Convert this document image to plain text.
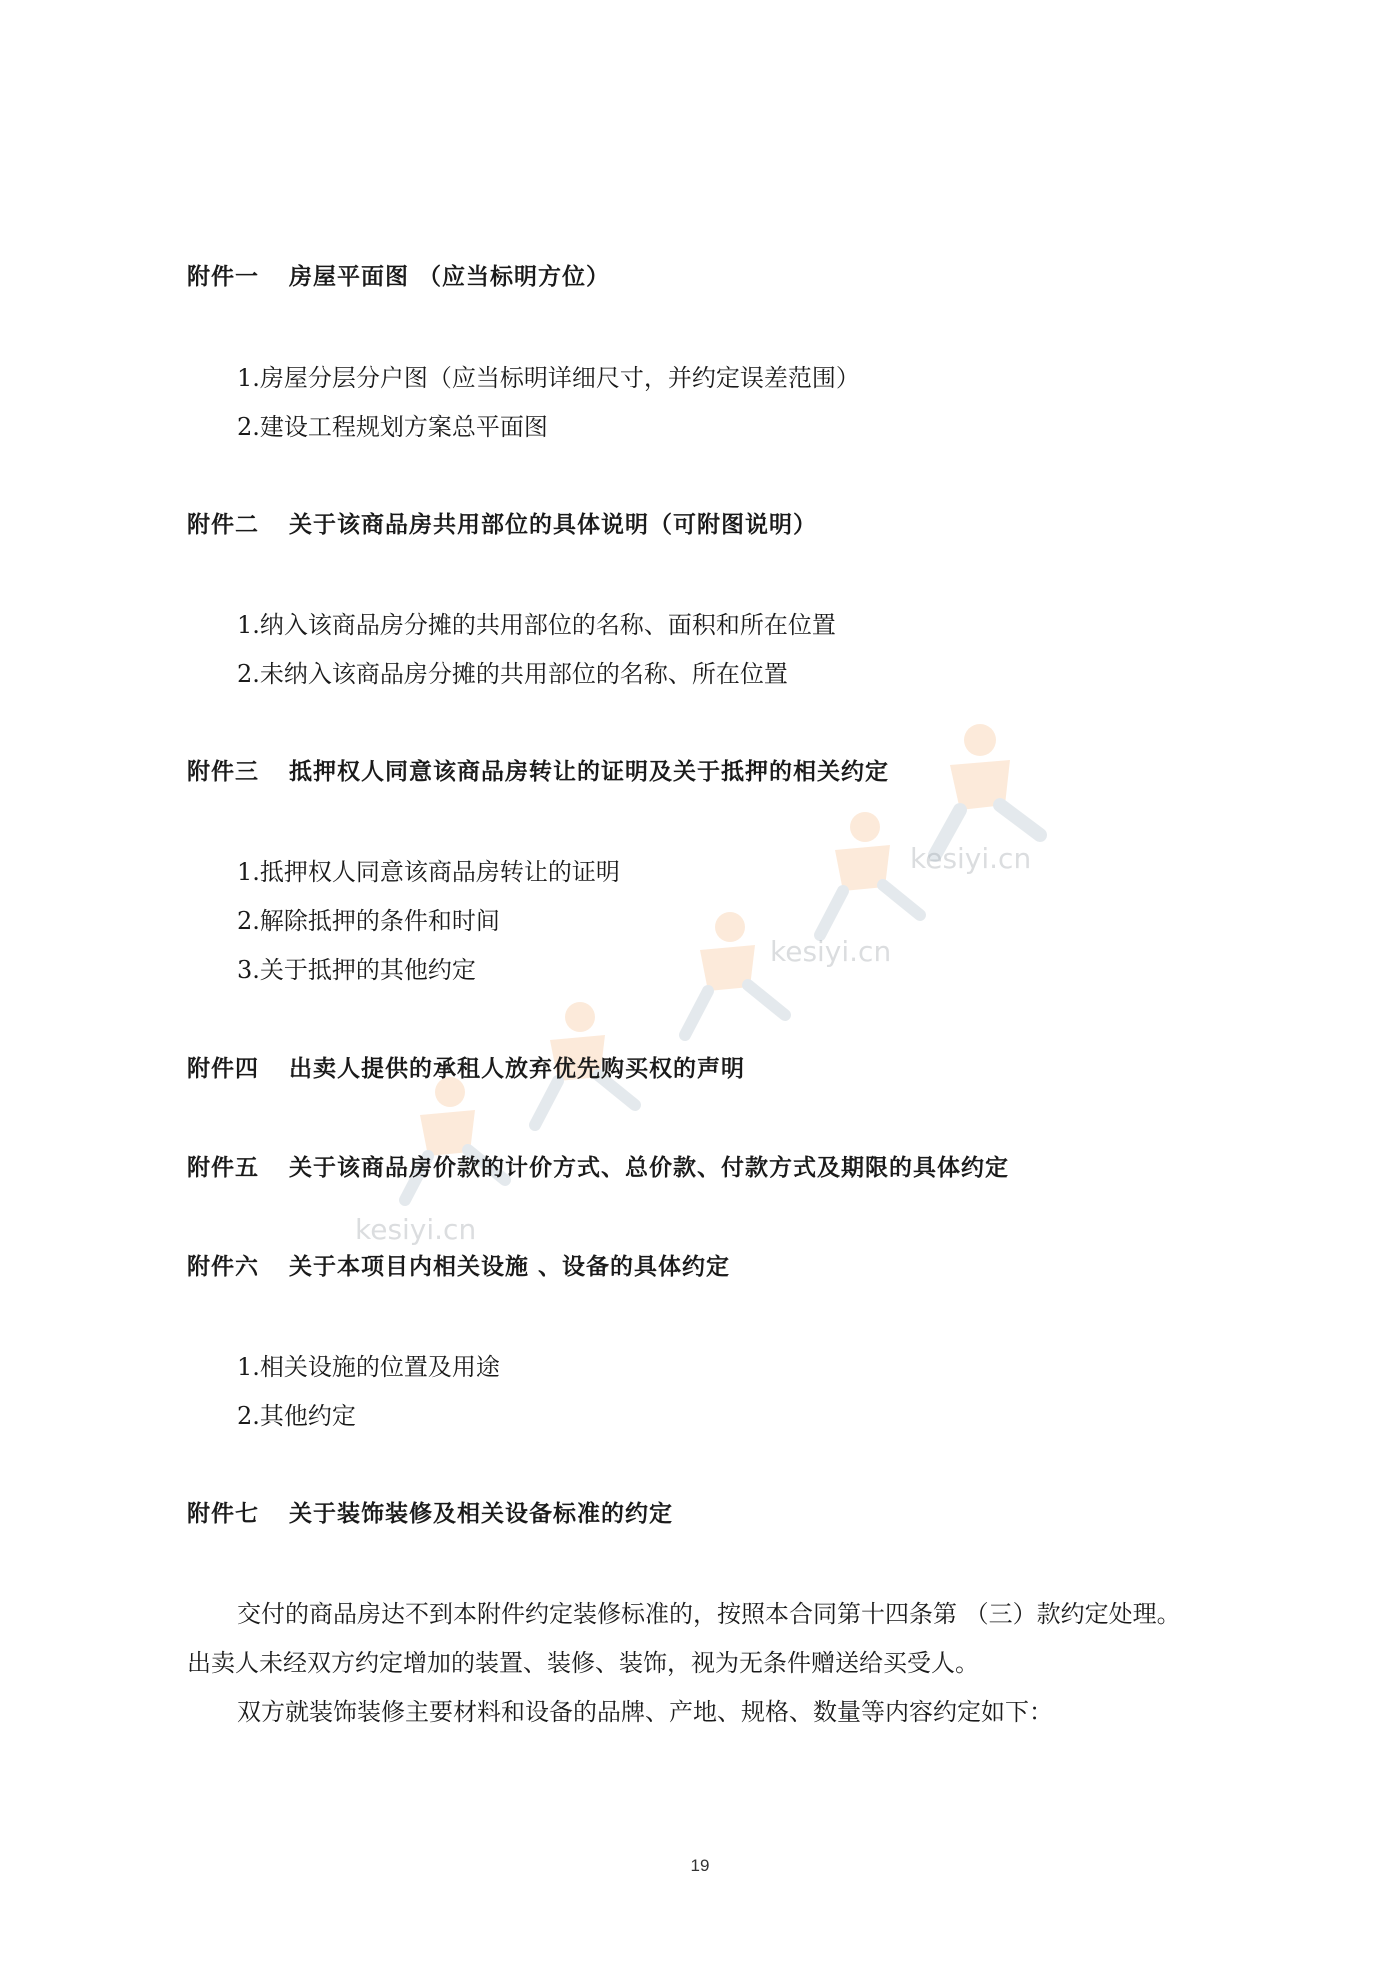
kesiyi.cn
kesiyi.cn
kesiyi.cn
附件一 房屋平面图 （应当标明方位）
1.房屋分层分户图（应当标明详细尺寸，并约定误差范围）
2.建设工程规划方案总平面图
附件二 关于该商品房共用部位的具体说明（可附图说明）
1.纳入该商品房分摊的共用部位的名称、面积和所在位置
2.未纳入该商品房分摊的共用部位的名称、所在位置
附件三 抵押权人同意该商品房转让的证明及关于抵押的相关约定
1.抵押权人同意该商品房转让的证明
2.解除抵押的条件和时间
3.关于抵押的其他约定
附件四 出卖人提供的承租人放弃优先购买权的声明
附件五 关于该商品房价款的计价方式、总价款、付款方式及期限的具体约定
附件六 关于本项目内相关设施 、设备的具体约定
1.相关设施的位置及用途
2.其他约定
附件七 关于装饰装修及相关设备标准的约定
交付的商品房达不到本附件约定装修标准的，按照本合同第十四条第 （三）款约定处理。
出卖人未经双方约定增加的装置、装修、装饰，视为无条件赠送给买受人。
双方就装饰装修主要材料和设备的品牌、产地、规格、数量等内容约定如下：
19
